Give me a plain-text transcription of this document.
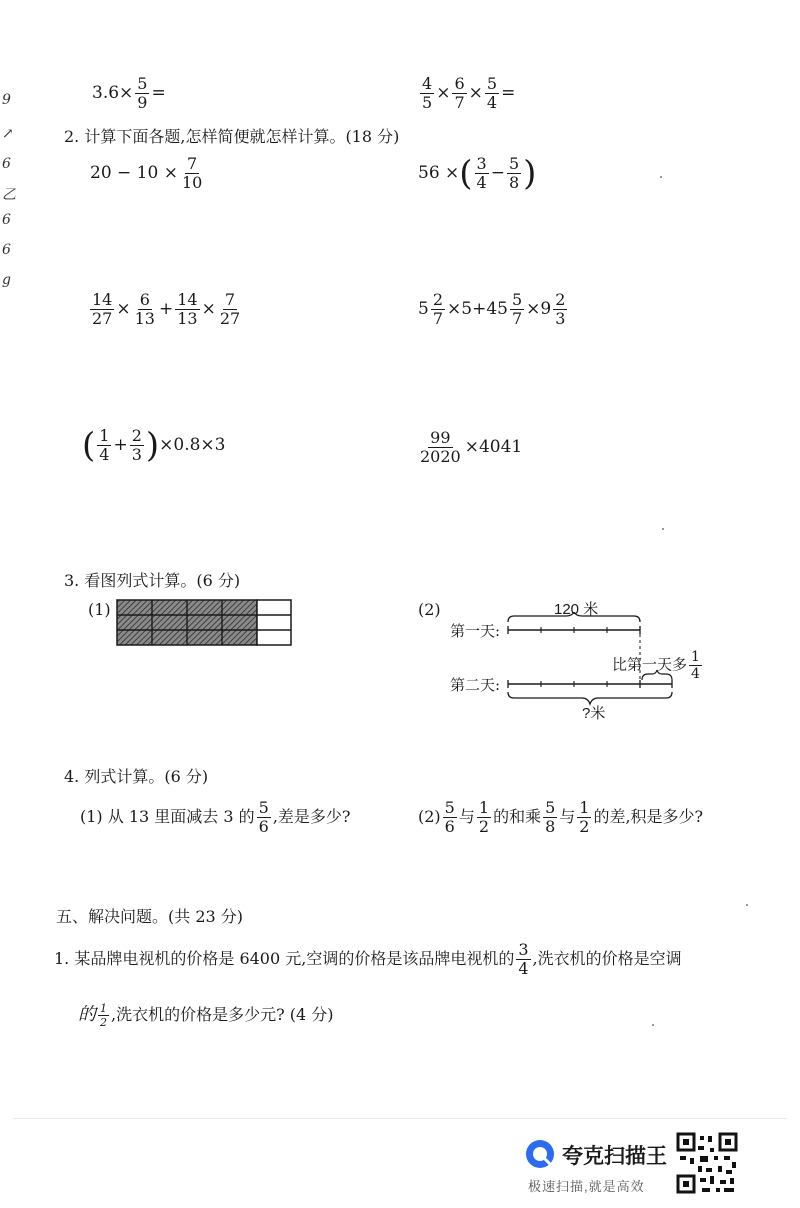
9
↗
6
乙
6
6
g
$3.6\times \frac{5}{9}$ =	$\frac{4}{5} \times \frac{6}{7} \times \frac{5}{4}$ =
2. 计算下面各题,怎样简便就怎样计算。(18 分)
$20 - 10 \times \frac{7}{10}$	56 ×( $\frac{3}{4} - \frac{5}{8}$ )
$\frac{14}{27} \times \frac{6}{13} + \frac{14}{13} \times \frac{7}{27}$	$5 \frac{2}{7} \times 5+45 \frac{5}{7} \times 9 \frac{2}{3}$
( $\frac{1}{4} + \frac{2}{3} )\times 0.8\times 3$	$\frac{99}{2020} \times 4041$
3. 看图列式计算。(6 分)
(1)	(2)	120 米
第一天:
第二天:
比第一天多 $\frac{1}{4}$
?米
4. 列式计算。(6 分)
(1) 从 13 里面减去 3 的 $\frac{5}{6}$ ,差是多少?	$(2) \frac{5}{6}$ 与 $\frac{1}{2}$ 的和乘 $\frac{5}{8}$ 与 $\frac{1}{2}$ 的差,积是多少?
五、解决问题。(共 23 分)
1. 某品牌电视机的价格是 6400 元,空调的价格是该品牌电视机的 $\frac{3}{4}$ ,洗衣机的价格是空调
的 $\frac{1}{2}$ ,洗衣机的价格是多少元? (4 分)
夸克扫描王
极速扫描,就是高效
